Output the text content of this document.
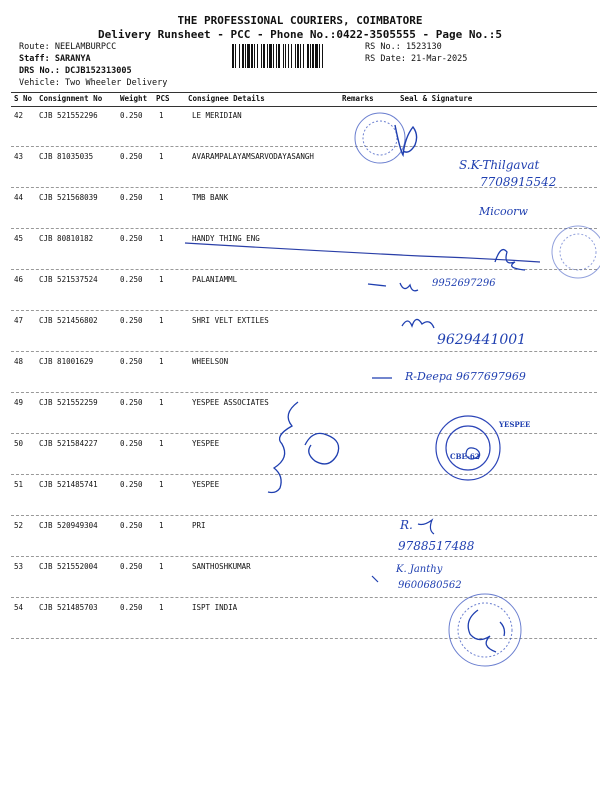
THE PROFESSIONAL COURIERS, COIMBATORE
Delivery Runsheet - PCC - Phone No.:0422-3505555 - Page No.:5
Route: NEELAMBURPCC
Staff: SARANYA
DRS No.: DCJB152313005
Vehicle: Two Wheeler Delivery
RS No.: 1523130
RS Date: 21-Mar-2025
S No Consignment No Weight PCS Consignee Details	Remarks	Seal & Signature
42 CJB 521552296	0.250 1	LE MERIDIAN
43 CJB 81035035	0.250 1	AVARAMPALAYAMSARVODAYASANGH
44 CJB 521568039	0.250 1	TMB BANK
45 CJB 80810182	0.250 1	HANDY THING ENG
46 CJB 521537524	0.250 1	PALANIAMML
47 CJB 521456802	0.250 1	SHRI VELT EXTILES
48 CJB 81001629	0.250 1	WHEELSON
49 CJB 521552259	0.250 1	YESPEE ASSOCIATES
50 CJB 521584227	0.250 1	YESPEE
51 CJB 521485741	0.250 1	YESPEE
52 CJB 520949304	0.250 1	PRI
53 CJB 521552004	0.250 1	SANTHOSHKUMAR
54 CJB 521485703	0.250 1	ISPT INDIA
S.K-Thilgavat
7708915542
Micoorw
9952697296
9629441001
R-Deepa 9677697969
CBE-62
YESPEE
R.
9788517488
K. Janthy
9600680562
